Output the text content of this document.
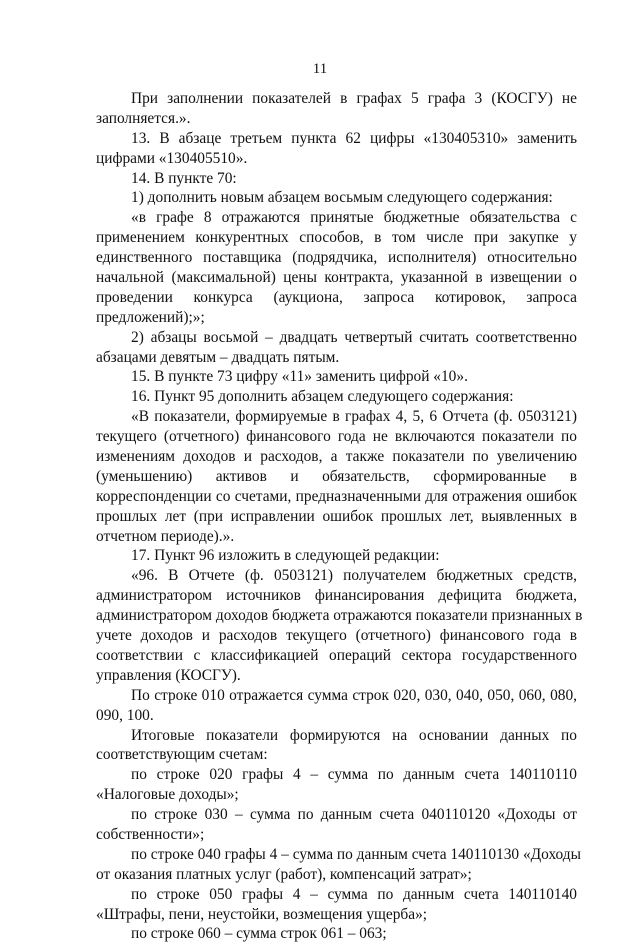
11
При заполнении показателей в графах 5 графа 3 (КОСГУ) не
заполняется.».
13. В абзаце третьем пункта 62 цифры «130405310» заменить
цифрами «130405510».
14. В пункте 70:
1) дополнить новым абзацем восьмым следующего содержания:
«в графе 8 отражаются принятые бюджетные обязательства с
применением конкурентных способов, в том числе при закупке у
единственного поставщика (подрядчика, исполнителя) относительно
начальной (максимальной) цены контракта, указанной в извещении о
проведении конкурса (аукциона, запроса котировок, запроса
предложений);»;
2) абзацы восьмой – двадцать четвертый считать соответственно
абзацами девятым – двадцать пятым.
15. В пункте 73 цифру «11» заменить цифрой «10».
16. Пункт 95 дополнить абзацем следующего содержания:
«В показатели, формируемые в графах 4, 5, 6 Отчета (ф. 0503121)
текущего (отчетного) финансового года не включаются показатели по
изменениям доходов и расходов, а также показатели по увеличению
(уменьшению) активов и обязательств, сформированные в
корреспонденции со счетами, предназначенными для отражения ошибок
прошлых лет (при исправлении ошибок прошлых лет, выявленных в
отчетном периоде).».
17. Пункт 96 изложить в следующей редакции:
«96. В Отчете (ф. 0503121) получателем бюджетных средств,
администратором источников финансирования дефицита бюджета,
администратором доходов бюджета отражаются показатели признанных в
учете доходов и расходов текущего (отчетного) финансового года в
соответствии с классификацией операций сектора государственного
управления (КОСГУ).
По строке 010 отражается сумма строк 020, 030, 040, 050, 060, 080,
090, 100.
Итоговые показатели формируются на основании данных по
соответствующим счетам:
по строке 020 графы 4 – сумма по данным счета 140110110
«Налоговые доходы»;
по строке 030 – сумма по данным счета 040110120 «Доходы от
собственности»;
по строке 040 графы 4 – сумма по данным счета 140110130 «Доходы
от оказания платных услуг (работ), компенсаций затрат»;
по строке 050 графы 4 – сумма по данным счета 140110140
«Штрафы, пени, неустойки, возмещения ущерба»;
по строке 060 – сумма строк 061 – 063;
